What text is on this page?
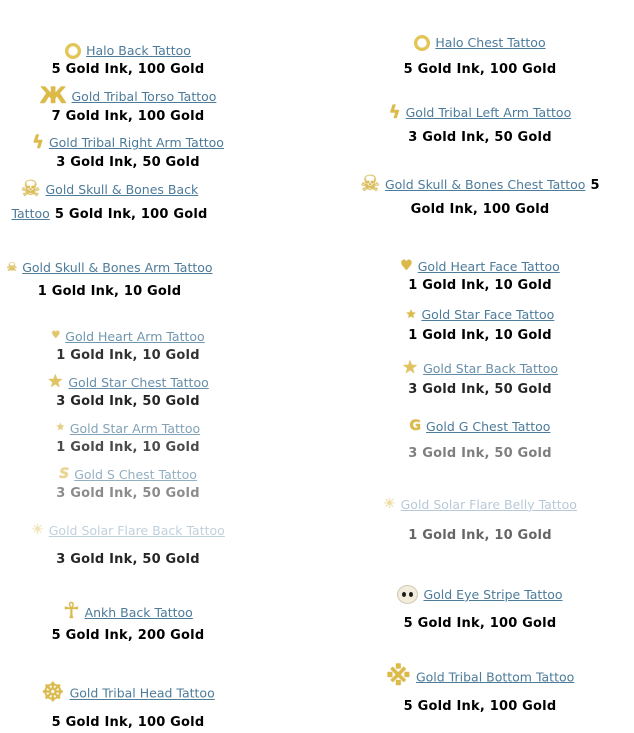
Halo Back Tattoo
5 Gold Ink, 100 Gold
Ж Gold Tribal Torso Tattoo
7 Gold Ink, 100 Gold
ϟ Gold Tribal Right Arm Tattoo
3 Gold Ink, 50 Gold
☠ Gold Skull & Bones Back Tattoo 5 Gold Ink, 100 Gold
☠ Gold Skull & Bones Arm Tattoo 1 Gold Ink, 10 Gold
♥ Gold Heart Arm Tattoo
1 Gold Ink, 10 Gold
★ Gold Star Chest Tattoo
3 Gold Ink, 50 Gold
★ Gold Star Arm Tattoo
1 Gold Ink, 10 Gold
S Gold S Chest Tattoo
3 Gold Ink, 50 Gold
☀ Gold Solar Flare Back Tattoo
3 Gold Ink, 50 Gold
☥ Ankh Back Tattoo
5 Gold Ink, 200 Gold
☸ Gold Tribal Head Tattoo
5 Gold Ink, 100 Gold
Halo Chest Tattoo
5 Gold Ink, 100 Gold
ϟ Gold Tribal Left Arm Tattoo
3 Gold Ink, 50 Gold
☠ Gold Skull & Bones Chest Tattoo 5 Gold Ink, 100 Gold
♥ Gold Heart Face Tattoo
1 Gold Ink, 10 Gold
★ Gold Star Face Tattoo
1 Gold Ink, 10 Gold
★ Gold Star Back Tattoo
3 Gold Ink, 50 Gold
G Gold G Chest Tattoo
3 Gold Ink, 50 Gold
☀ Gold Solar Flare Belly Tattoo
1 Gold Ink, 10 Gold
Gold Eye Stripe Tattoo
5 Gold Ink, 100 Gold
※ Gold Tribal Bottom Tattoo
5 Gold Ink, 100 Gold
